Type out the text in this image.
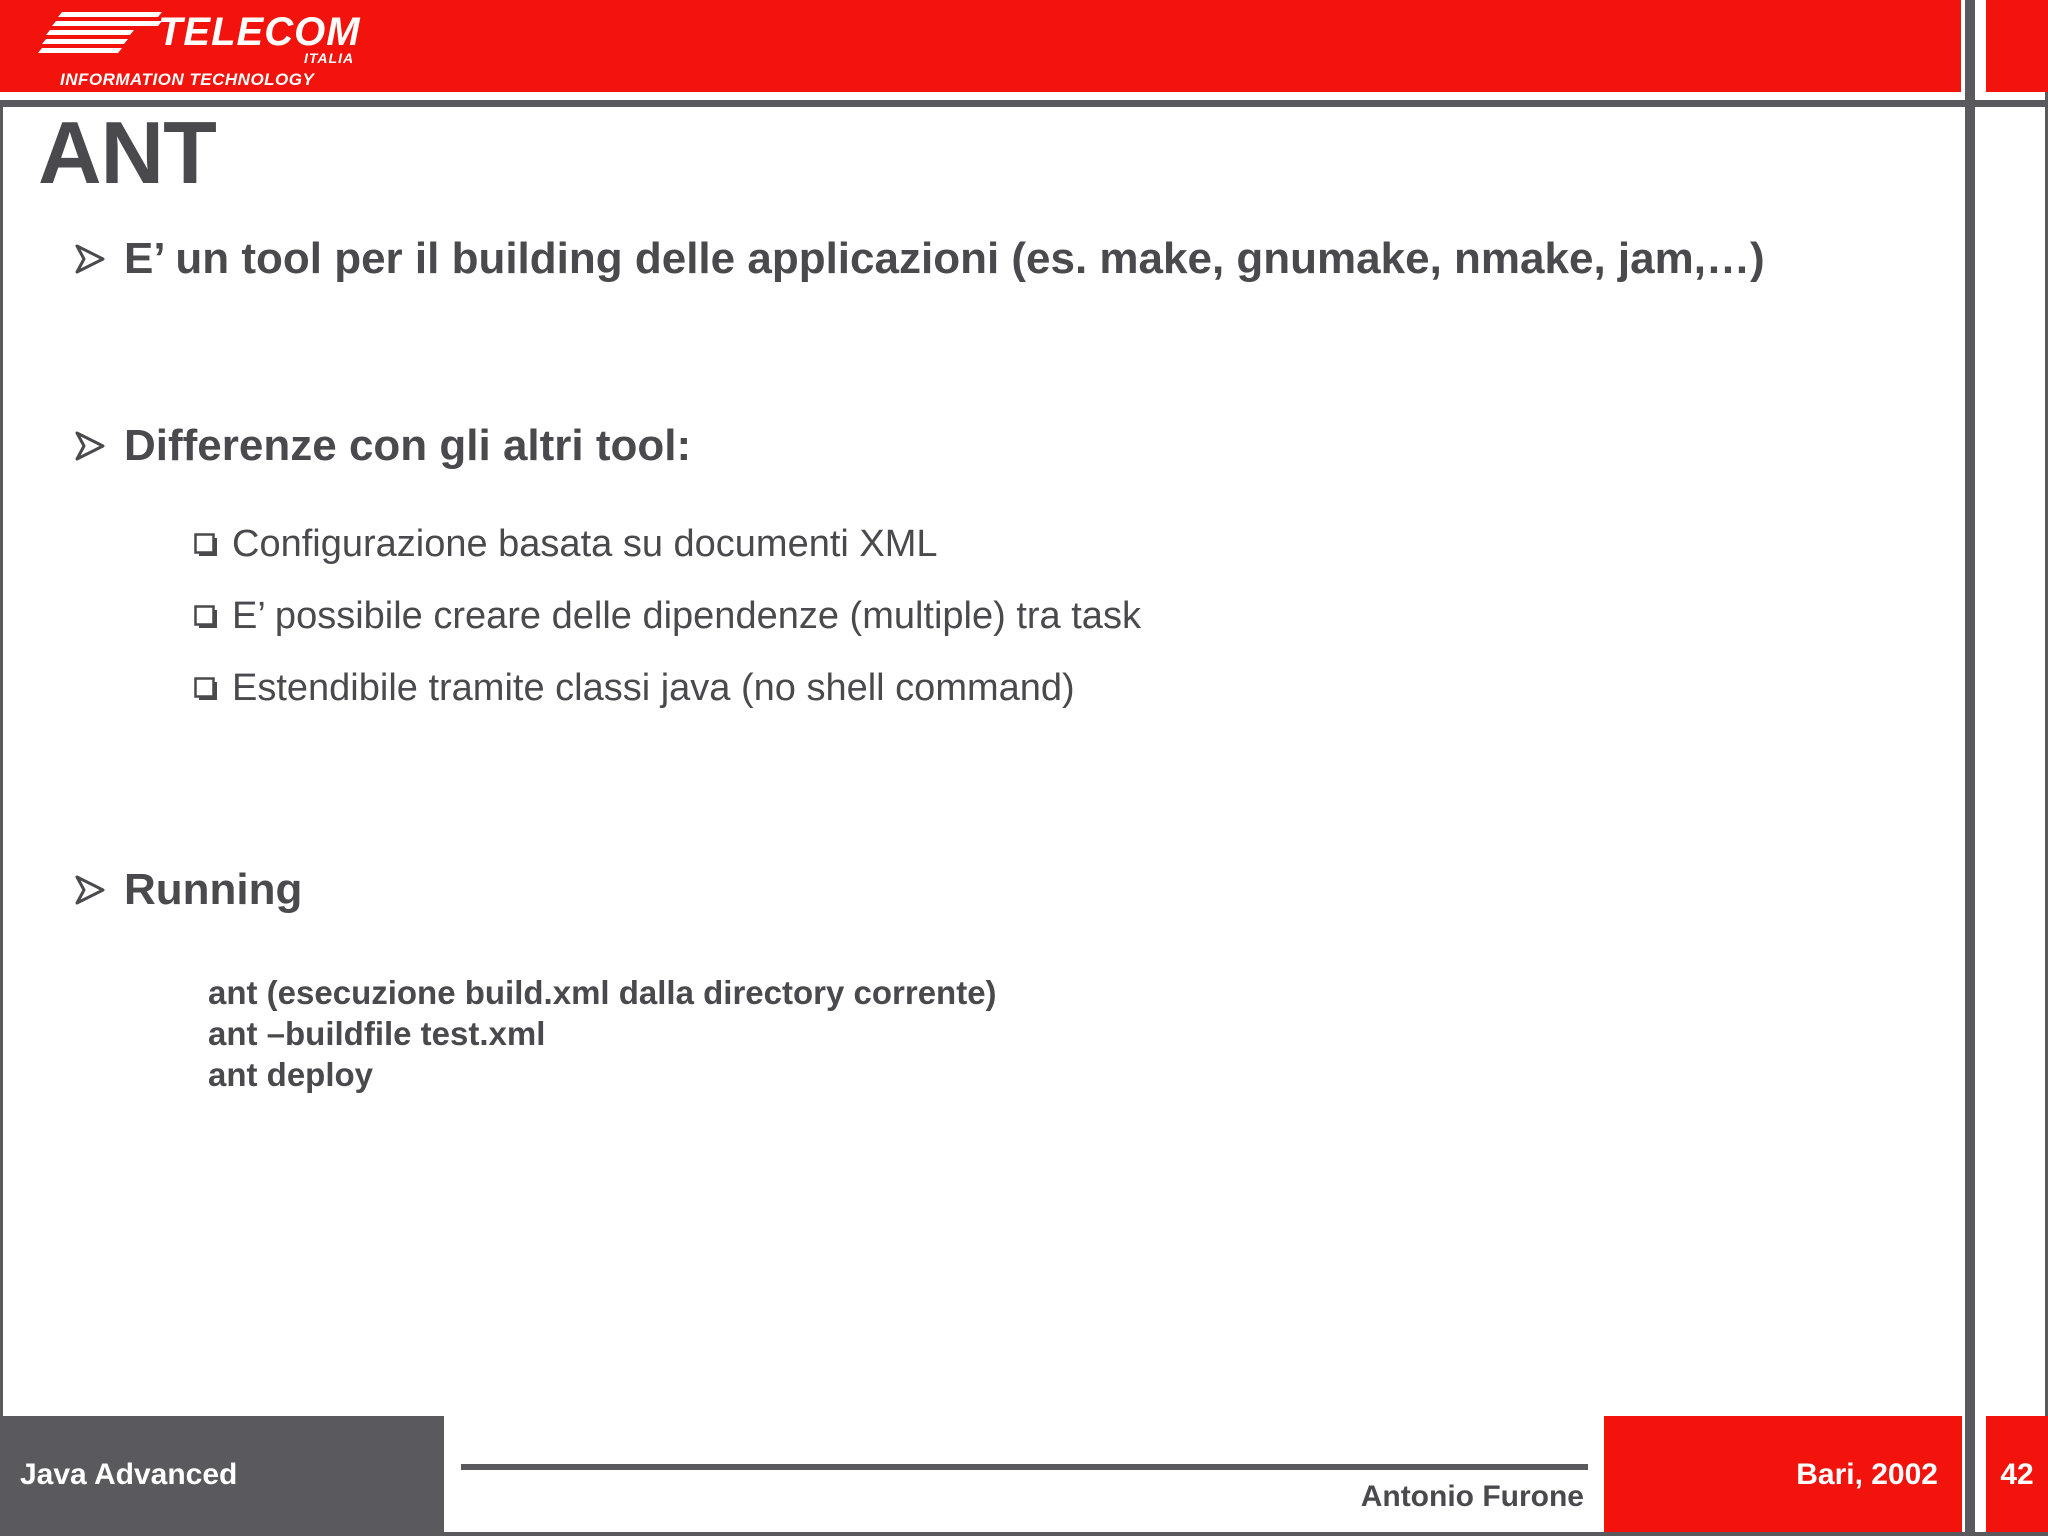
TELECOM
ITALIA
INFORMATION TECHNOLOGY
ANT
E’ un tool per il building delle applicazioni (es. make, gnumake, nmake, jam,…)
Differenze con gli altri tool:
Configurazione basata su documenti XML
E’ possibile creare delle dipendenze (multiple) tra task
Estendibile tramite classi java (no shell command)
Running
ant (esecuzione build.xml dalla directory corrente)
ant –buildfile test.xml
ant deploy
Java Advanced
Antonio Furone
Bari, 2002	42
